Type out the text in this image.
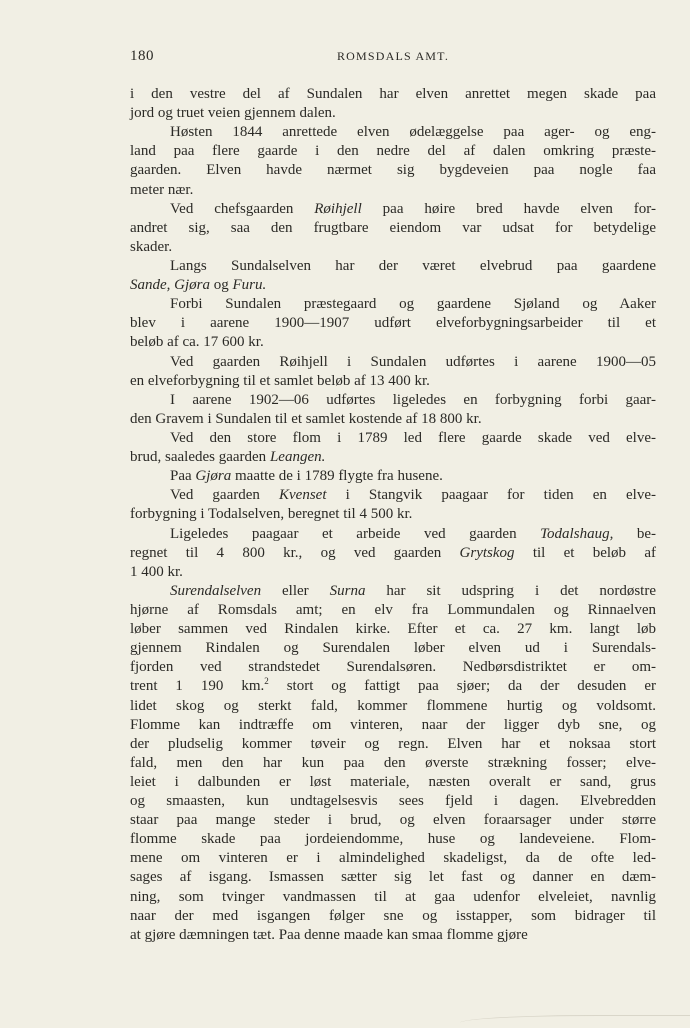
180	ROMSDALS AMT.
i den vestre del af Sundalen har elven anrettet megen skade paa
jord og truet veien gjennem dalen.
Høsten 1844 anrettede elven ødelæggelse paa ager- og eng-
land paa flere gaarde i den nedre del af dalen omkring præste-
gaarden. Elven havde nærmet sig bygdeveien paa nogle faa
meter nær.
Ved chefsgaarden Røihjell paa høire bred havde elven for-
andret sig, saa den frugtbare eiendom var udsat for betydelige
skader.
Langs Sundalselven har der været elvebrud paa gaardene
Sande, Gjøra og Furu.
Forbi Sundalen præstegaard og gaardene Sjøland og Aaker
blev i aarene 1900—1907 udført elveforbygningsarbeider til et
beløb af ca. 17 600 kr.
Ved gaarden Røihjell i Sundalen udførtes i aarene 1900—05
en elveforbygning til et samlet beløb af 13 400 kr.
I aarene 1902—06 udførtes ligeledes en forbygning forbi gaar-
den Gravem i Sundalen til et samlet kostende af 18 800 kr.
Ved den store flom i 1789 led flere gaarde skade ved elve-
brud, saaledes gaarden Leangen.
Paa Gjøra maatte de i 1789 flygte fra husene.
Ved gaarden Kvenset i Stangvik paagaar for tiden en elve-
forbygning i Todalselven, beregnet til 4 500 kr.
Ligeledes paagaar et arbeide ved gaarden Todalshaug, be-
regnet til 4 800 kr., og ved gaarden Grytskog til et beløb af
1 400 kr.
Surendalselven eller Surna har sit udspring i det nordøstre
hjørne af Romsdals amt; en elv fra Lommundalen og Rinnaelven
løber sammen ved Rindalen kirke. Efter et ca. 27 km. langt løb
gjennem Rindalen og Surendalen løber elven ud i Surendals-
fjorden ved strandstedet Surendalsøren. Nedbørsdistriktet er om-
trent 1 190 km.$^2$ stort og fattigt paa sjøer; da der desuden er
lidet skog og sterkt fald, kommer flommene hurtig og voldsomt.
Flomme kan indtræffe om vinteren, naar der ligger dyb sne, og
der pludselig kommer tøveir og regn. Elven har et noksaa stort
fald, men den har kun paa den øverste strækning fosser; elve-
leiet i dalbunden er løst materiale, næsten overalt er sand, grus
og smaasten, kun undtagelsesvis sees fjeld i dagen. Elvebredden
staar paa mange steder i brud, og elven foraarsager under større
flomme skade paa jordeiendomme, huse og landeveiene. Flom-
mene om vinteren er i almindelighed skadeligst, da de ofte led-
sages af isgang. Ismassen sætter sig let fast og danner en dæm-
ning, som tvinger vandmassen til at gaa udenfor elveleiet, navnlig
naar der med isgangen følger sne og isstapper, som bidrager til
at gjøre dæmningen tæt. Paa denne maade kan smaa flomme gjøre
